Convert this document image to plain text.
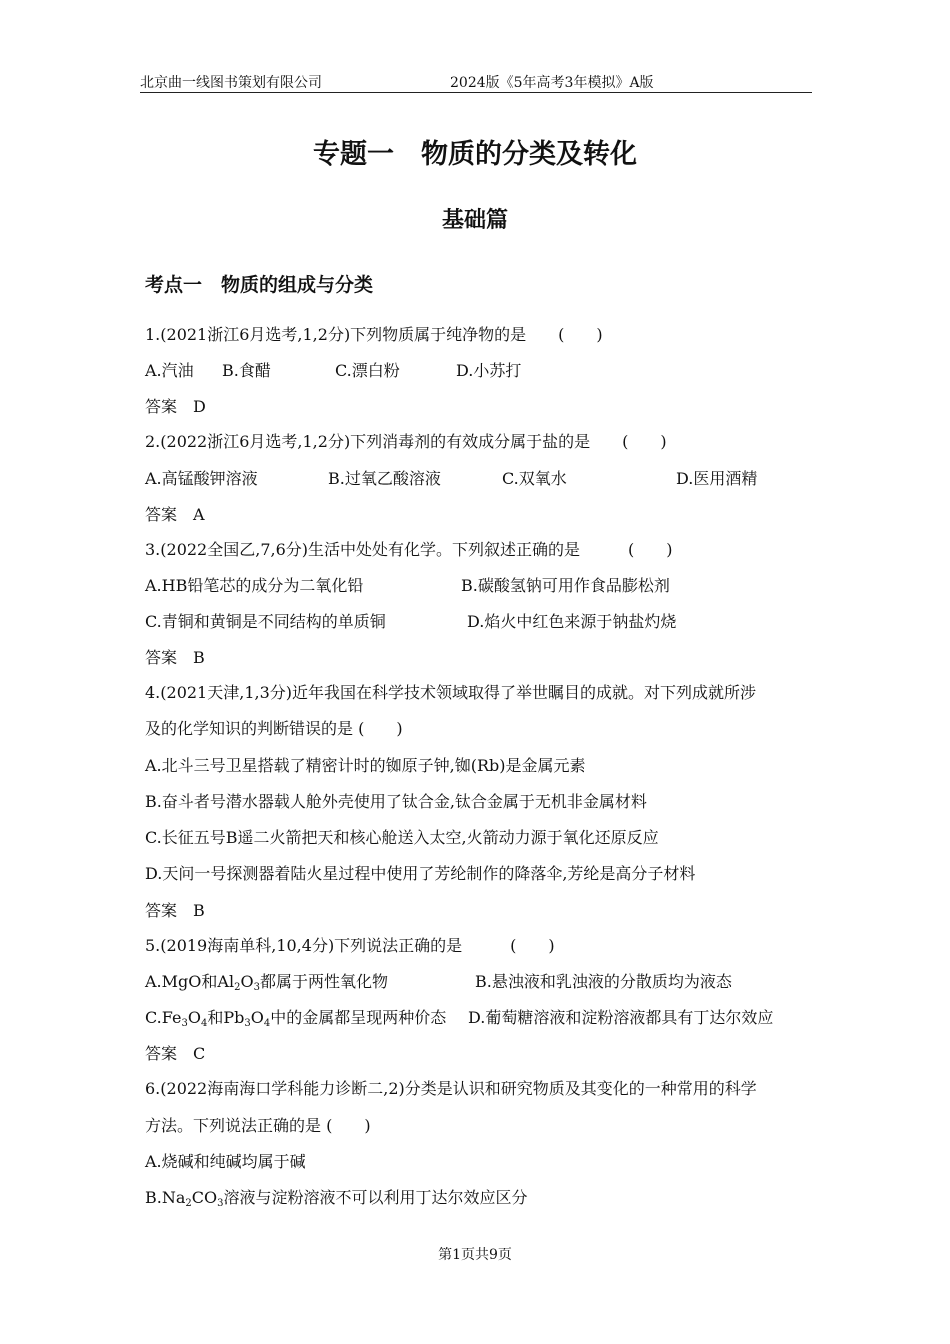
北京曲一线图书策划有限公司	2024版《5年高考3年模拟》A版
专题一　物质的分类及转化
基础篇
考点一　物质的组成与分类
1.(2021浙江6月选考,1,2分)下列物质属于纯净物的是　　(　　)
A.汽油 B.食醋	C.漂白粉	D.小苏打
答案　D
2.(2022浙江6月选考,1,2分)下列消毒剂的有效成分属于盐的是　　(　　)
A.高锰酸钾溶液	B.过氧乙酸溶液	C.双氧水	D.医用酒精
答案　A
3.(2022全国乙,7,6分)生活中处处有化学。下列叙述正确的是　　　(　　)
A.HB铅笔芯的成分为二氧化铅	B.碳酸氢钠可用作食品膨松剂
C.青铜和黄铜是不同结构的单质铜	D.焰火中红色来源于钠盐灼烧
答案　B
4.(2021天津,1,3分)近年我国在科学技术领域取得了举世瞩目的成就。对下列成就所涉
及的化学知识的判断错误的是 (　　)
A.北斗三号卫星搭载了精密计时的铷原子钟,铷(Rb)是金属元素
B.奋斗者号潜水器载人舱外壳使用了钛合金,钛合金属于无机非金属材料
C.长征五号B遥二火箭把天和核心舱送入太空,火箭动力源于氧化还原反应
D.天问一号探测器着陆火星过程中使用了芳纶制作的降落伞,芳纶是高分子材料
答案　B
5.(2019海南单科,10,4分)下列说法正确的是　　　(　　)
A.MgO和$Al_2O_3$都属于两性氧化物	B.悬浊液和乳浊液的分散质均为液态
$C.Fe_3O_4$和$Pb_3O_4$中的金属都呈现两种价态 D.葡萄糖溶液和淀粉溶液都具有丁达尔效应
答案　C
6.(2022海南海口学科能力诊断二,2)分类是认识和研究物质及其变化的一种常用的科学
方法。下列说法正确的是 (　　)
A.烧碱和纯碱均属于碱
$B.Na_2CO_3$溶液与淀粉溶液不可以利用丁达尔效应区分
第1页共9页
